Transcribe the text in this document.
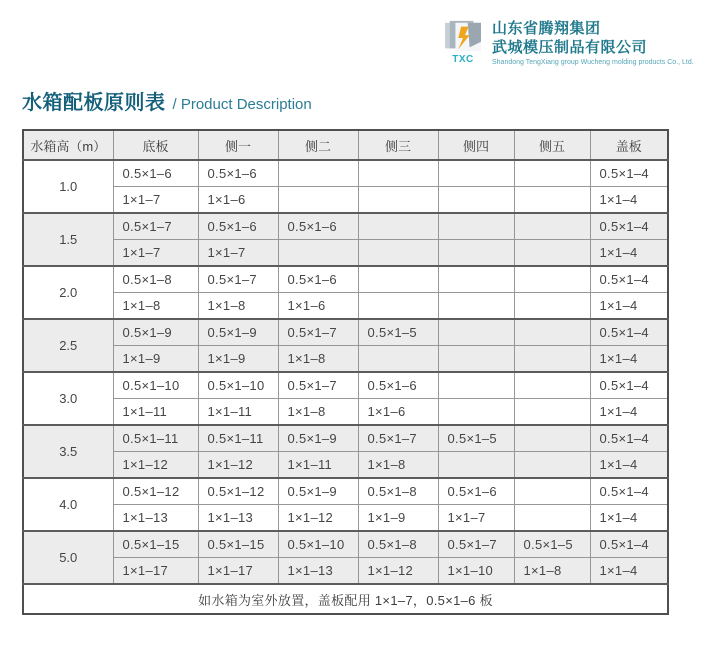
TXC
山东省腾翔集团
武城模压制品有限公司
Shandong TengXiang group Wucheng molding products Co., Ltd.
水箱配板原则表 / Product Description
水箱高（m）	底板	侧一	侧二	侧三	侧四	侧五	盖板
1.0	0.5×1–6	0.5×1–6					0.5×1–4
	1×1–7	1×1–6					1×1–4
1.5	0.5×1–7	0.5×1–6	0.5×1–6				0.5×1–4
	1×1–7	1×1–7					1×1–4
2.0	0.5×1–8	0.5×1–7	0.5×1–6				0.5×1–4
	1×1–8	1×1–8	1×1–6				1×1–4
2.5	0.5×1–9	0.5×1–9	0.5×1–7	0.5×1–5			0.5×1–4
	1×1–9	1×1–9	1×1–8				1×1–4
3.0	0.5×1–10	0.5×1–10	0.5×1–7	0.5×1–6			0.5×1–4
	1×1–11	1×1–11	1×1–8	1×1–6			1×1–4
3.5	0.5×1–11	0.5×1–11	0.5×1–9	0.5×1–7	0.5×1–5		0.5×1–4
	1×1–12	1×1–12	1×1–11	1×1–8			1×1–4
4.0	0.5×1–12	0.5×1–12	0.5×1–9	0.5×1–8	0.5×1–6		0.5×1–4
	1×1–13	1×1–13	1×1–12	1×1–9	1×1–7		1×1–4
5.0	0.5×1–15	0.5×1–15	0.5×1–10	0.5×1–8	0.5×1–7	0.5×1–5	0.5×1–4
	1×1–17	1×1–17	1×1–13	1×1–12	1×1–10	1×1–8	1×1–4
如水箱为室外放置，盖板配用 1×1–7，0.5×1–6 板							
